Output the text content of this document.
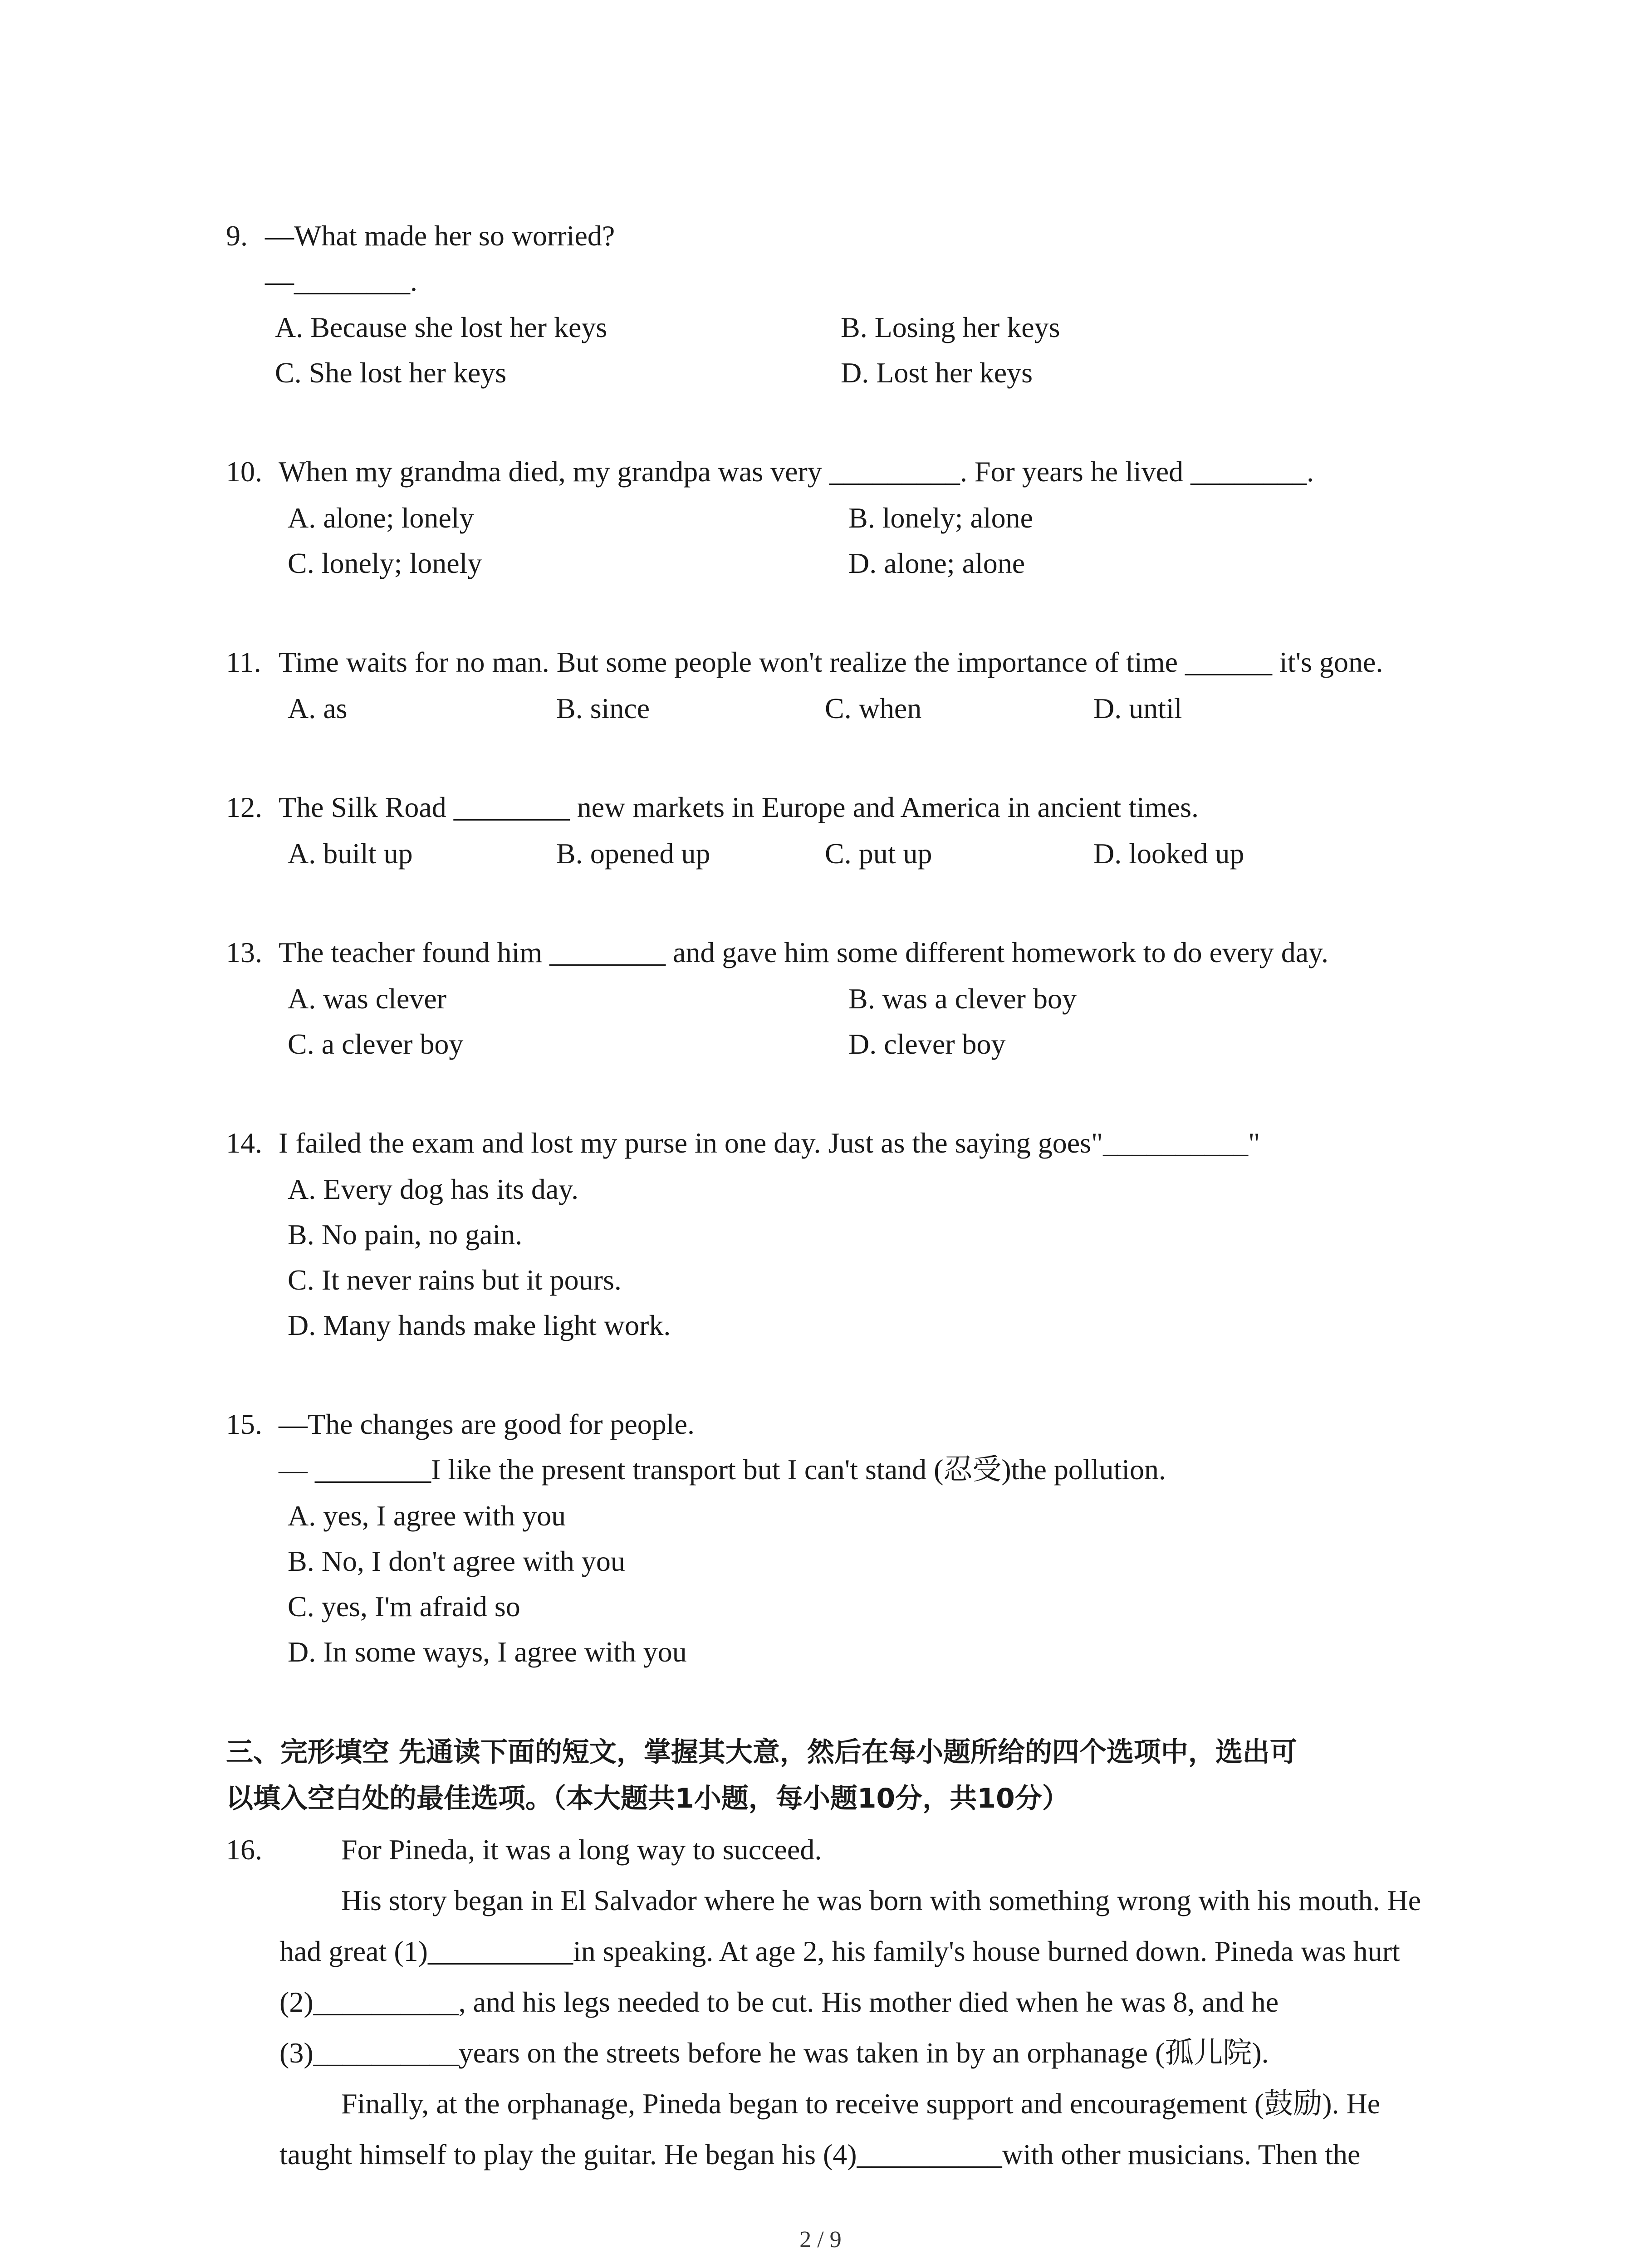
9. —What made her so worried?
—________.
A. Because she lost her keys	B. Losing her keys
C. She lost her keys	D. Lost her keys
10. When my grandma died, my grandpa was very _________. For years he lived ________.
A. alone; lonely	B. lonely; alone
C. lonely; lonely	D. alone; alone
11. Time waits for no man. But some people won't realize the importance of time ______ it's gone.
A. as	B. since	C. when	D. until
12. The Silk Road ________ new markets in Europe and America in ancient times.
A. built up	B. opened up	C. put up	D. looked up
13. The teacher found him ________ and gave him some different homework to do every day.
A. was clever	B. was a clever boy
C. a clever boy	D. clever boy
14. I failed the exam and lost my purse in one day. Just as the saying goes"__________"
A. Every dog has its day.
B. No pain, no gain.
C. It never rains but it pours.
D. Many hands make light work.
15. —The changes are good for people.
— ________I like the present transport but I can't stand (忍受)the pollution.
A. yes, I agree with you
B. No, I don't agree with you
C. yes, I'm afraid so
D. In some ways, I agree with you
三、完形填空 先通读下面的短文，掌握其大意，然后在每小题所给的四个选项中，选出可
以填入空白处的最佳选项。（本大题共1小题，每小题10分，共10分）
16.	For Pineda, it was a long way to succeed.

His story began in El Salvador where he was born with something wrong with his mouth. He had great (1)__________in speaking. At age 2, his family's house burned down. Pineda was hurt (2)__________, and his legs needed to be cut. His mother died when he was 8, and he (3)__________years on the streets before he was taken in by an orphanage (孤儿院).

Finally, at the orphanage, Pineda began to receive support and encouragement (鼓励). He taught himself to play the guitar. He began his (4)__________with other musicians. Then the

2 / 9
